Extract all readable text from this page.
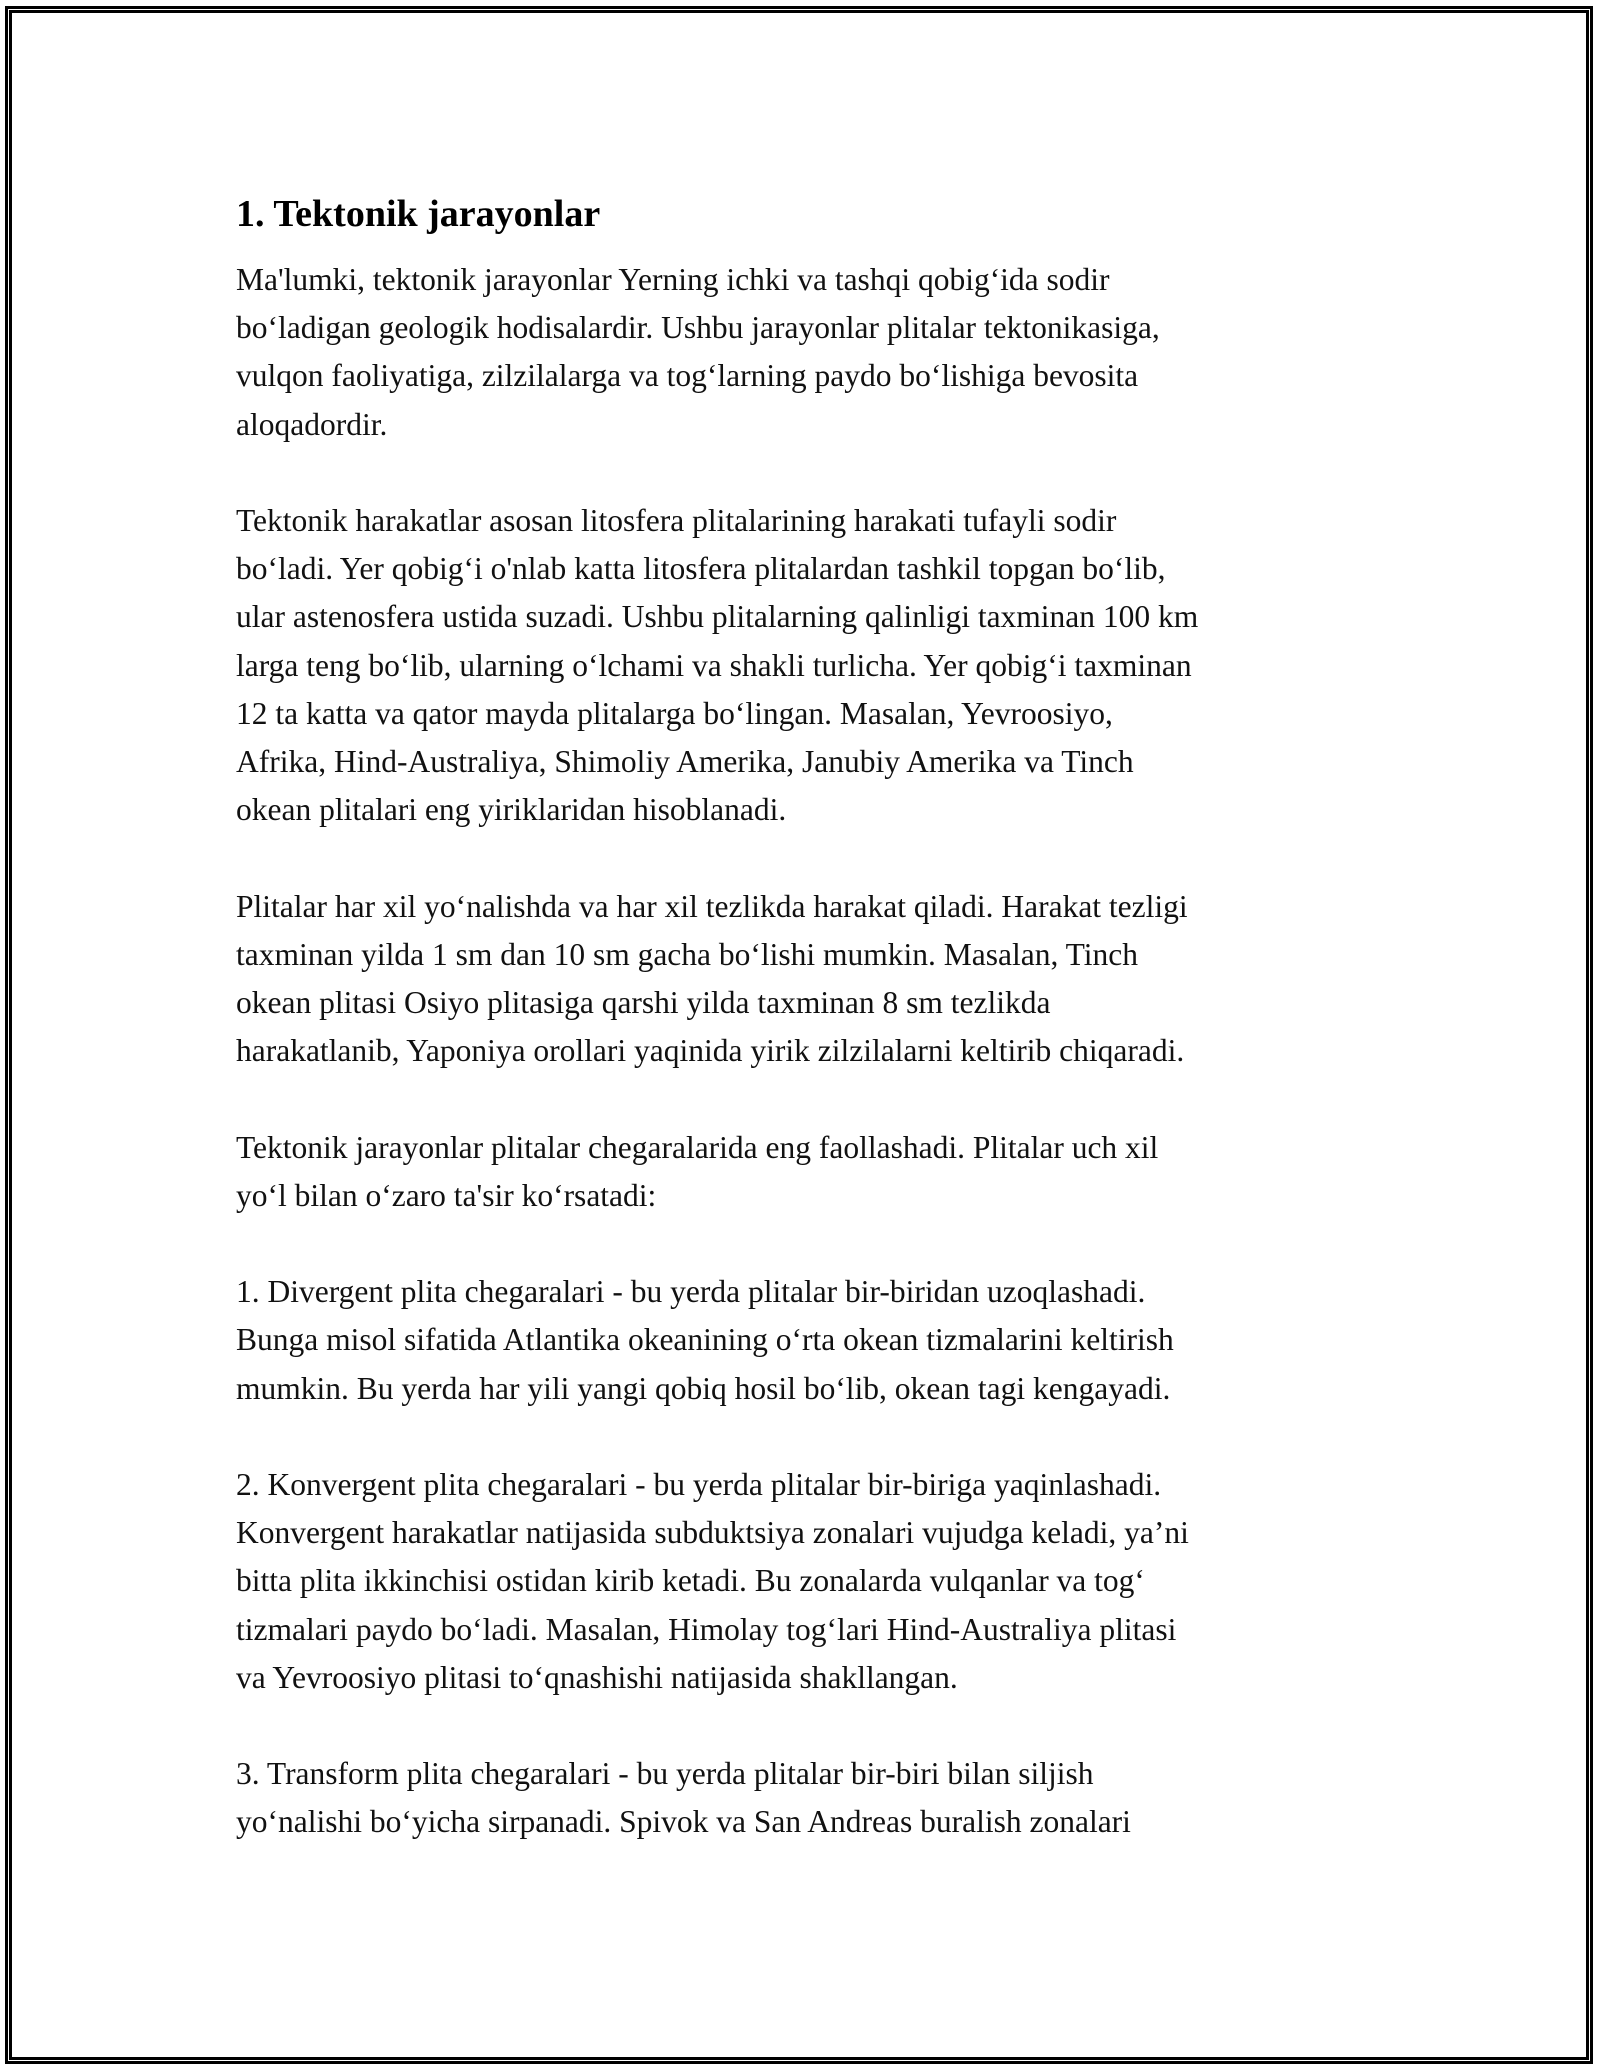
1. Tektonik jarayonlar
Ma'lumki, tektonik jarayonlar Yerning ichki va tashqi qobig‘ida sodir
bo‘ladigan geologik hodisalardir. Ushbu jarayonlar plitalar tektonikasiga,
vulqon faoliyatiga, zilzilalarga va tog‘larning paydo bo‘lishiga bevosita
aloqadordir.
Tektonik harakatlar asosan litosfera plitalarining harakati tufayli sodir
bo‘ladi. Yer qobig‘i o'nlab katta litosfera plitalardan tashkil topgan bo‘lib,
ular astenosfera ustida suzadi. Ushbu plitalarning qalinligi taxminan 100 km
larga teng bo‘lib, ularning o‘lchami va shakli turlicha. Yer qobig‘i taxminan
12 ta katta va qator mayda plitalarga bo‘lingan. Masalan, Yevroosiyo,
Afrika, Hind-Australiya, Shimoliy Amerika, Janubiy Amerika va Tinch
okean plitalari eng yiriklaridan hisoblanadi.
Plitalar har xil yo‘nalishda va har xil tezlikda harakat qiladi. Harakat tezligi
taxminan yilda 1 sm dan 10 sm gacha bo‘lishi mumkin. Masalan, Tinch
okean plitasi Osiyo plitasiga qarshi yilda taxminan 8 sm tezlikda
harakatlanib, Yaponiya orollari yaqinida yirik zilzilalarni keltirib chiqaradi.
Tektonik jarayonlar plitalar chegaralarida eng faollashadi. Plitalar uch xil
yo‘l bilan o‘zaro ta'sir ko‘rsatadi:
1. Divergent plita chegaralari - bu yerda plitalar bir-biridan uzoqlashadi.
Bunga misol sifatida Atlantika okeanining o‘rta okean tizmalarini keltirish
mumkin. Bu yerda har yili yangi qobiq hosil bo‘lib, okean tagi kengayadi.
2. Konvergent plita chegaralari - bu yerda plitalar bir-biriga yaqinlashadi.
Konvergent harakatlar natijasida subduktsiya zonalari vujudga keladi, ya’ni
bitta plita ikkinchisi ostidan kirib ketadi. Bu zonalarda vulqanlar va tog‘
tizmalari paydo bo‘ladi. Masalan, Himolay tog‘lari Hind-Australiya plitasi
va Yevroosiyo plitasi to‘qnashishi natijasida shakllangan.
3. Transform plita chegaralari - bu yerda plitalar bir-biri bilan siljish
yo‘nalishi bo‘yicha sirpanadi. Spivok va San Andreas buralish zonalari
